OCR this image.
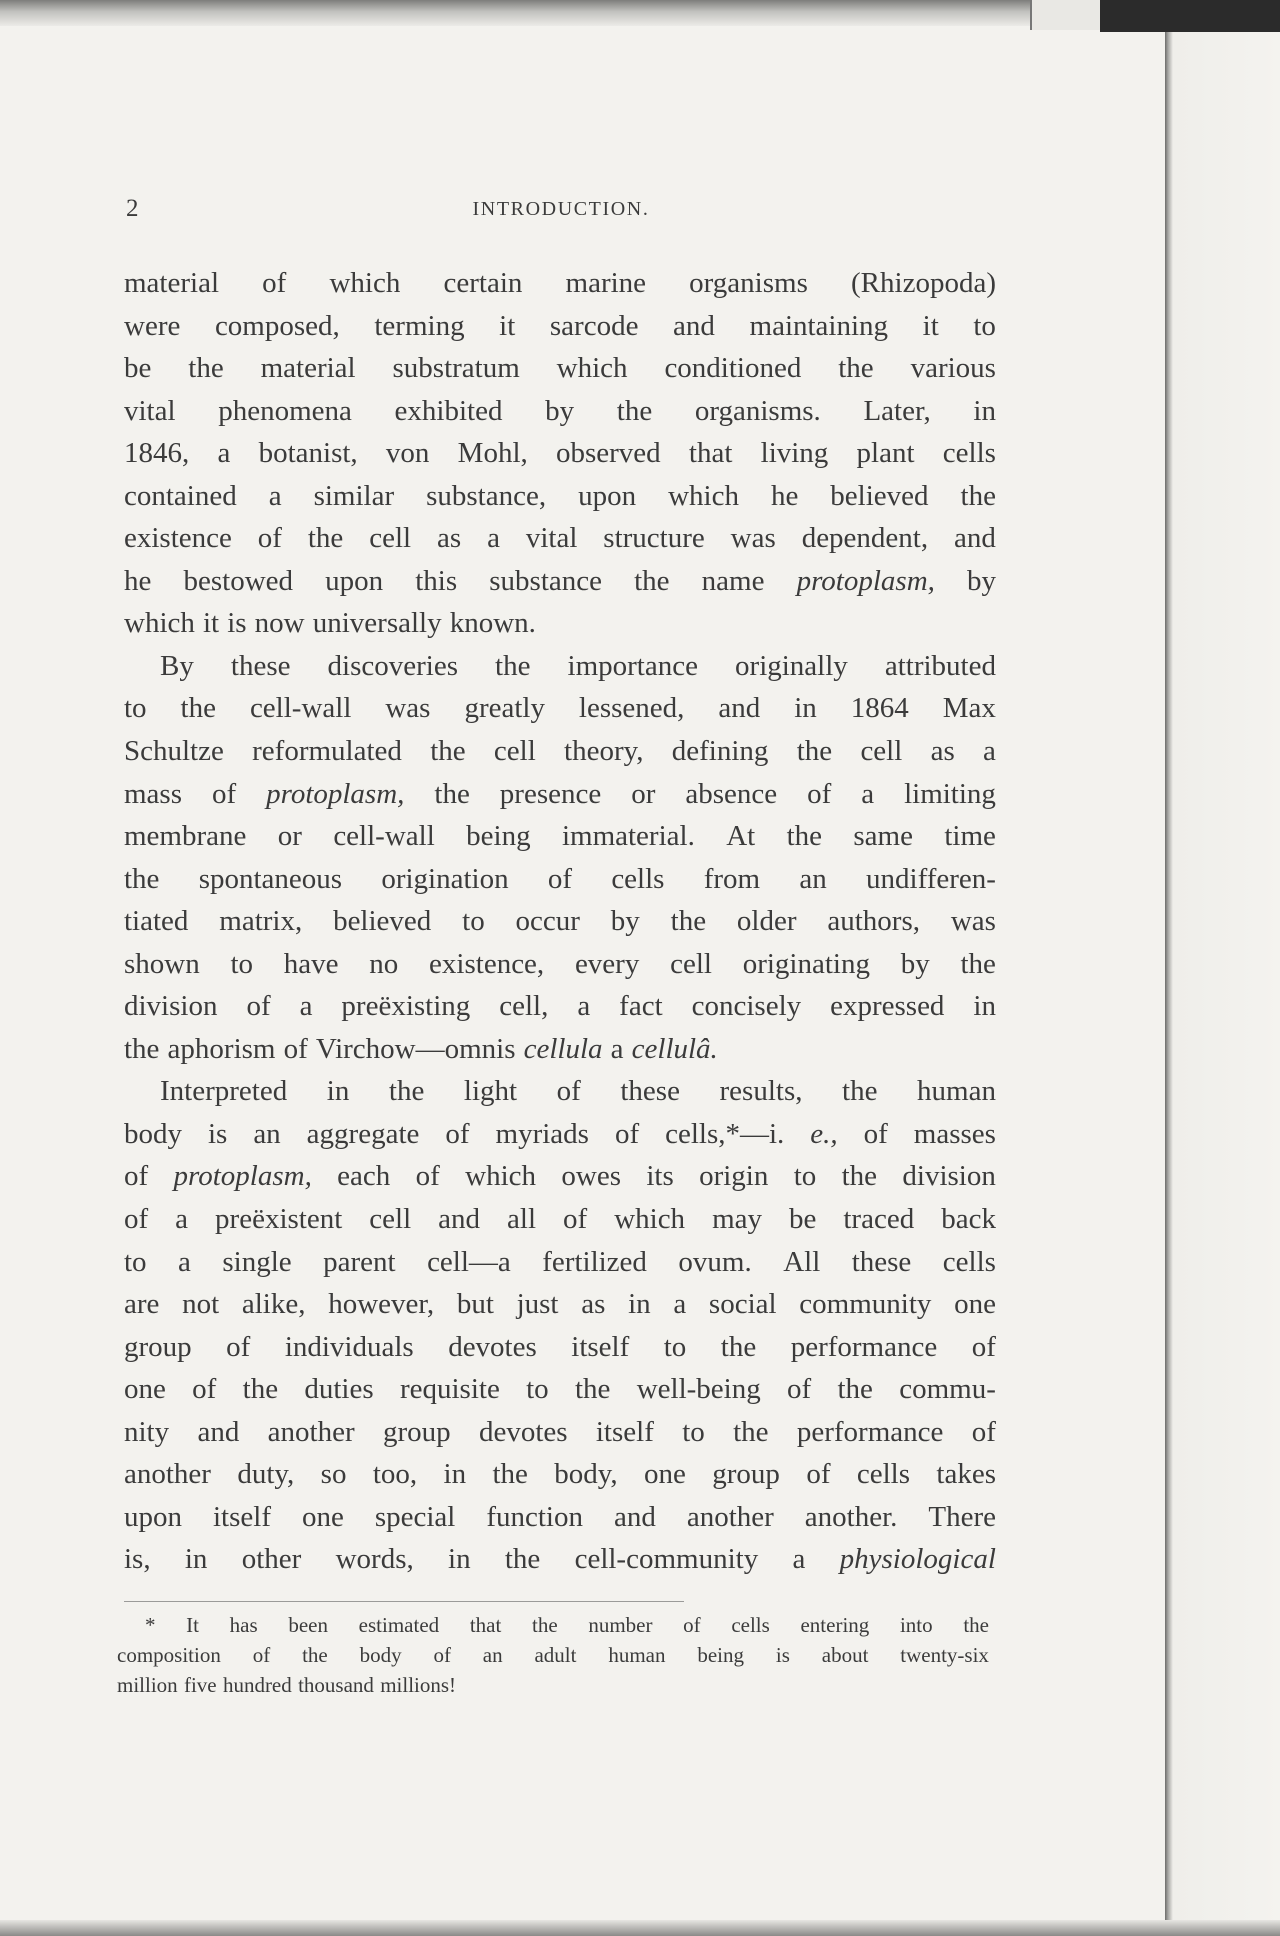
2	INTRODUCTION.
material of which certain marine organisms (Rhizopoda)
were composed, terming it sarcode and maintaining it to
be the material substratum which conditioned the various
vital phenomena exhibited by the organisms. Later, in
1846, a botanist, von Mohl, observed that living plant cells
contained a similar substance, upon which he believed the
existence of the cell as a vital structure was dependent, and
he bestowed upon this substance the name protoplasm, by
which it is now universally known.
By these discoveries the importance originally attributed
to the cell-wall was greatly lessened, and in 1864 Max
Schultze reformulated the cell theory, defining the cell as a
mass of protoplasm, the presence or absence of a limiting
membrane or cell-wall being immaterial. At the same time
the spontaneous origination of cells from an undifferen-
tiated matrix, believed to occur by the older authors, was
shown to have no existence, every cell originating by the
division of a preëxisting cell, a fact concisely expressed in
the aphorism of Virchow—omnis cellula a cellulâ.
Interpreted in the light of these results, the human
body is an aggregate of myriads of cells,*—i. e., of masses
of protoplasm, each of which owes its origin to the division
of a preëxistent cell and all of which may be traced back
to a single parent cell—a fertilized ovum. All these cells
are not alike, however, but just as in a social community one
group of individuals devotes itself to the performance of
one of the duties requisite to the well-being of the commu-
nity and another group devotes itself to the performance of
another duty, so too, in the body, one group of cells takes
upon itself one special function and another another. There
is, in other words, in the cell-community a physiological
* It has been estimated that the number of cells entering into the
composition of the body of an adult human being is about twenty-six
million five hundred thousand millions!
